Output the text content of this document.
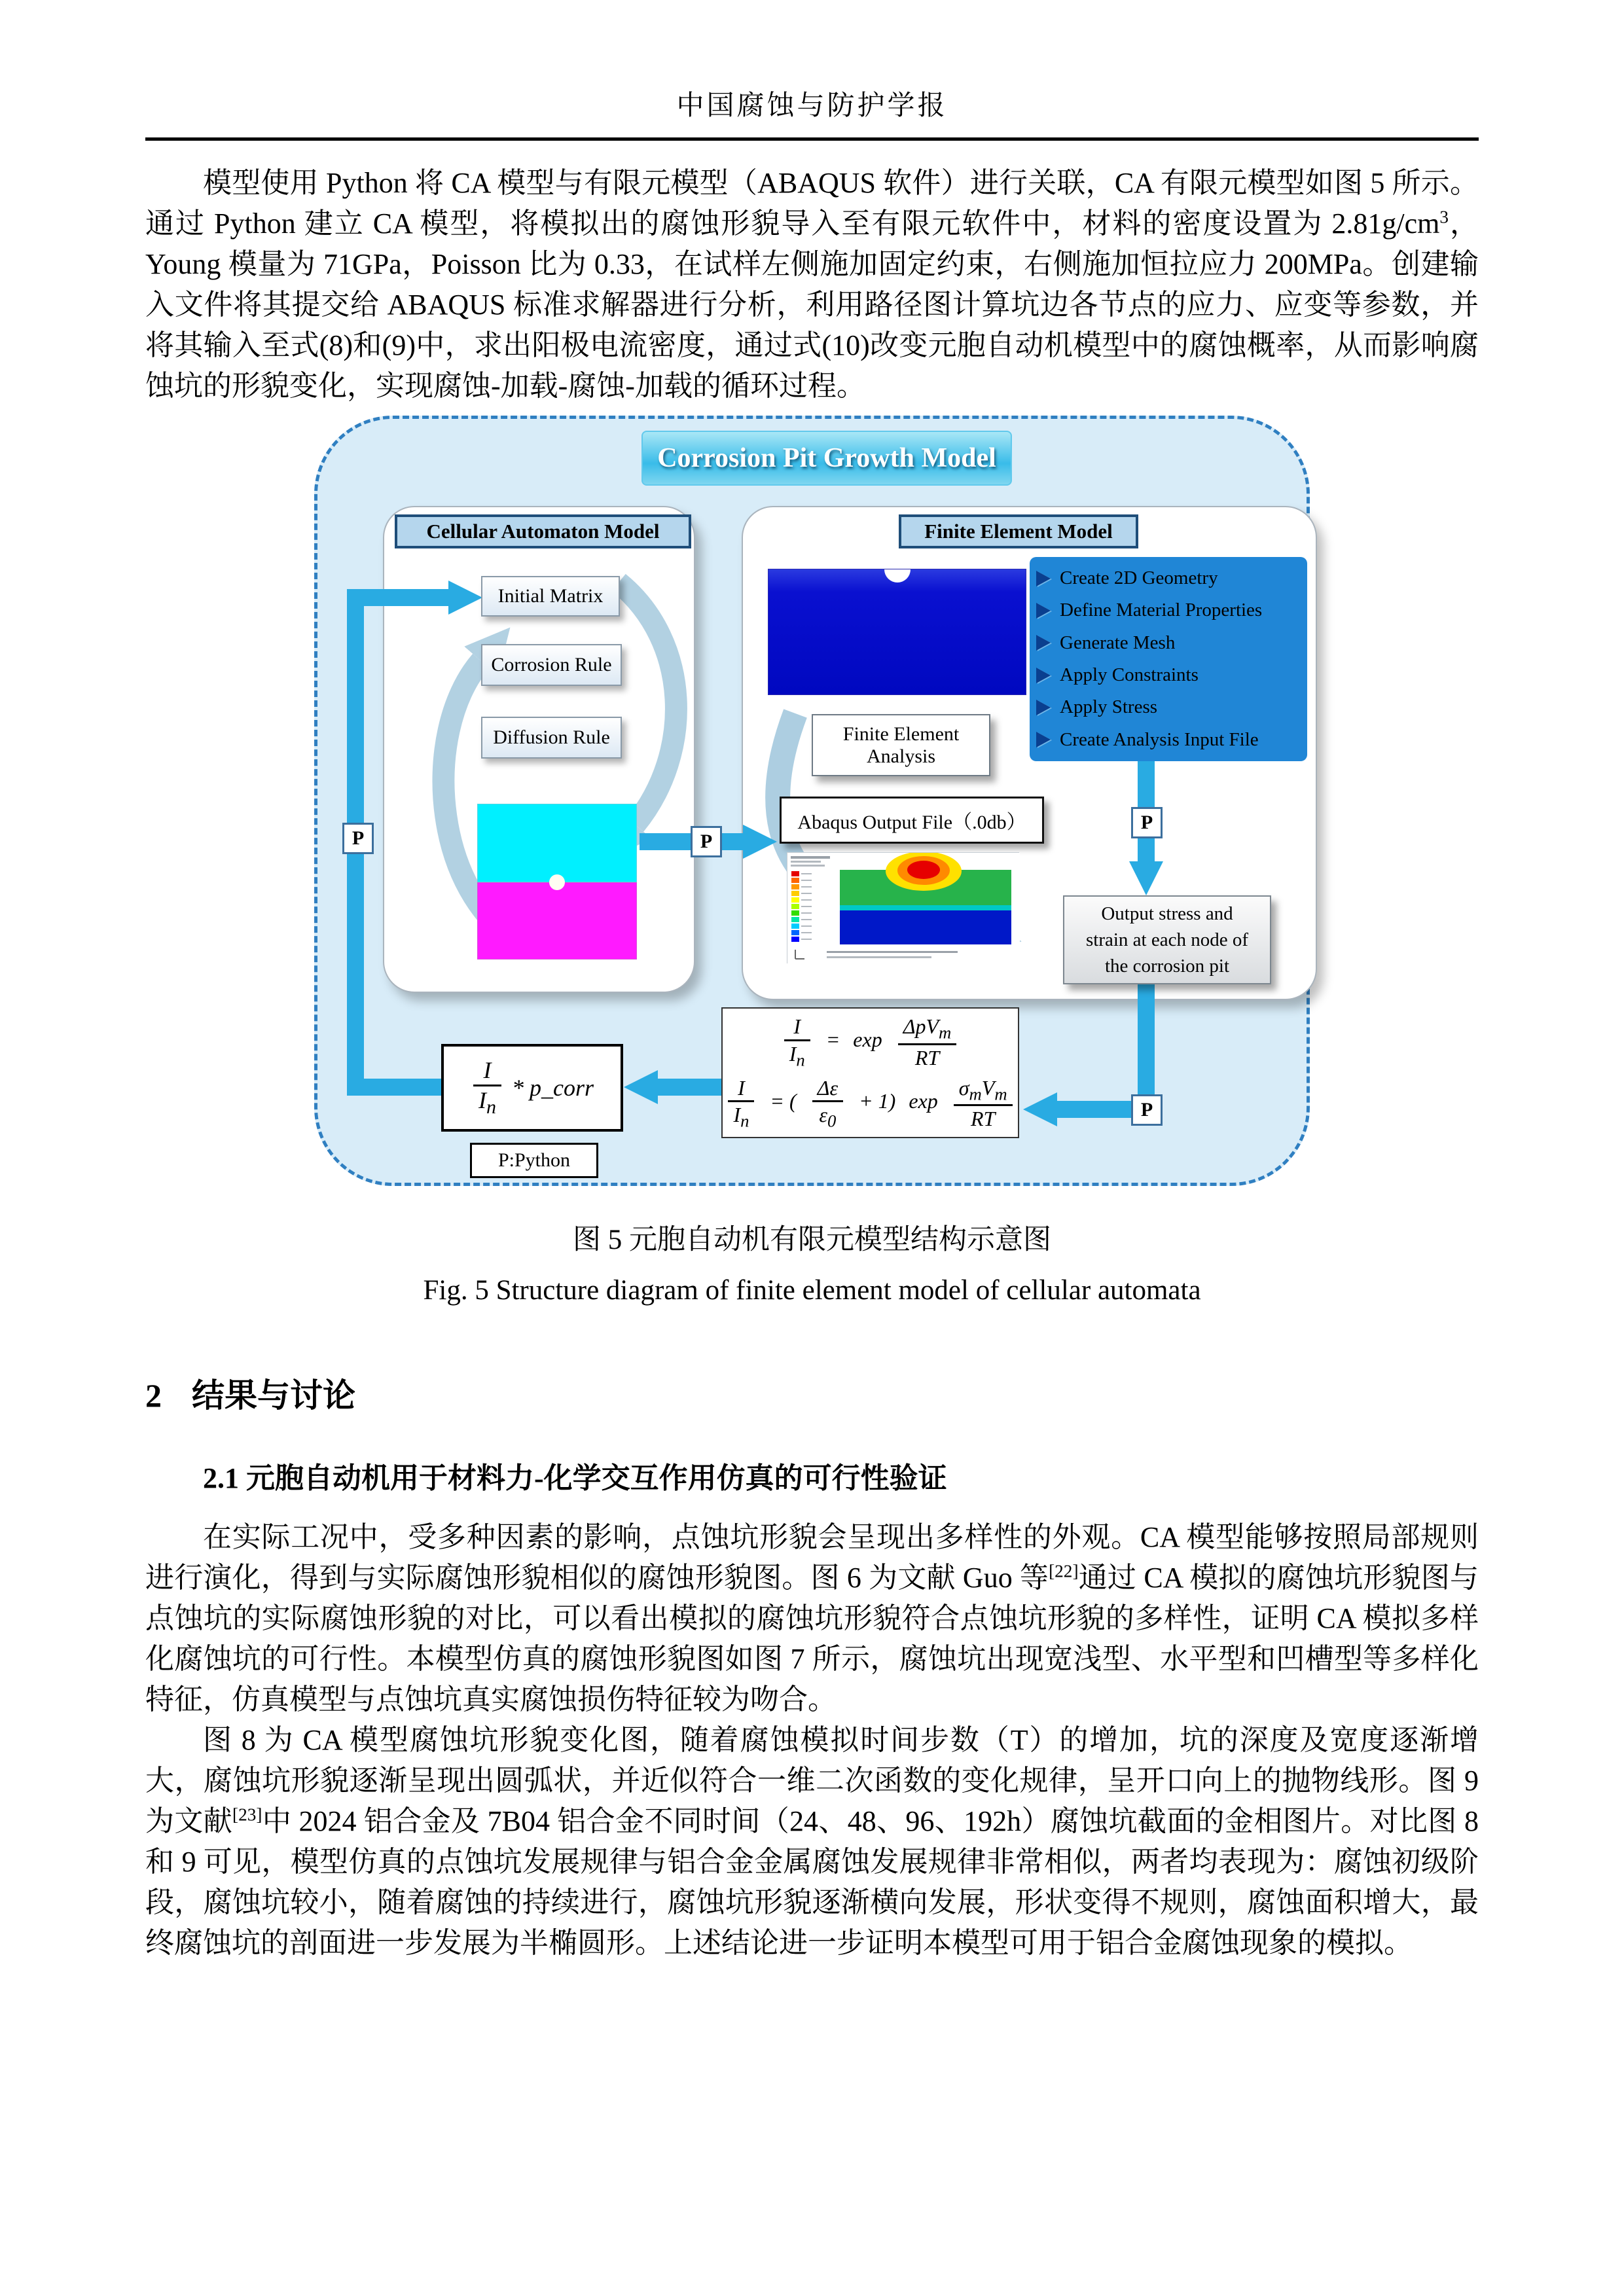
中国腐蚀与防护学报

模型使用 Python 将 CA 模型与有限元模型（ABAQUS 软件）进行关联，CA 有限元模型如图 5 所示。通过 Python 建立 CA 模型，将模拟出的腐蚀形貌导入至有限元软件中，材料的密度设置为 2.81g/cm$^3$，Young 模量为 71GPa，Poisson 比为 0.33，在试样左侧施加固定约束，右侧施加恒拉应力 200MPa。创建输入文件将其提交给 ABAQUS 标准求解器进行分析，利用路径图计算坑边各节点的应力、应变等参数，并将其输入至式(8)和(9)中，求出阳极电流密度，通过式(10)改变元胞自动机模型中的腐蚀概率，从而影响腐蚀坑的形貌变化，实现腐蚀-加载-腐蚀-加载的循环过程。

Corrosion Pit Growth Model
Cellular Automaton Model
Initial Matrix
Corrosion Rule
Diffusion Rule
Finite Element Model
Create 2D Geometry
Define Material Properties
Generate Mesh
Apply Constraints
Apply Stress
Create Analysis Input File
Finite Element
Analysis
Abaqus Output File（.0db）
Output stress and
strain at each node of
the corrosion pit
$\frac{I}{I_n} = \exp \frac{\Delta pV_m}{RT}$
$\frac{I}{I_n}$ = ( $\frac{\Delta\varepsilon}{\varepsilon_0} + 1$) $\exp \frac{\sigma_mV_m}{RT}$
$\frac{I}{I_n}$ * p_corr
P:Python
P	P
P
P
图 5 元胞自动机有限元模型结构示意图
Fig. 5 Structure diagram of finite element model of cellular automata
2 结果与讨论
2.1 元胞自动机用于材料力-化学交互作用仿真的可行性验证

在实际工况中，受多种因素的影响，点蚀坑形貌会呈现出多样性的外观。CA 模型能够按照局部规则进行演化，得到与实际腐蚀形貌相似的腐蚀形貌图。图 6 为文献 Guo 等[22]通过 CA 模拟的腐蚀坑形貌图与点蚀坑的实际腐蚀形貌的对比，可以看出模拟的腐蚀坑形貌符合点蚀坑形貌的多样性，证明 CA 模拟多样化腐蚀坑的可行性。本模型仿真的腐蚀形貌图如图 7 所示，腐蚀坑出现宽浅型、水平型和凹槽型等多样化特征，仿真模型与点蚀坑真实腐蚀损伤特征较为吻合。

图 8 为 CA 模型腐蚀坑形貌变化图，随着腐蚀模拟时间步数（T）的增加，坑的深度及宽度逐渐增大，腐蚀坑形貌逐渐呈现出圆弧状，并近似符合一维二次函数的变化规律，呈开口向上的抛物线形。图 9 为文献[23]中 2024 铝合金及 7B04 铝合金不同时间（24、48、96、192h）腐蚀坑截面的金相图片。对比图 8 和 9 可见，模型仿真的点蚀坑发展规律与铝合金金属腐蚀发展规律非常相似，两者均表现为：腐蚀初级阶段，腐蚀坑较小，随着腐蚀的持续进行，腐蚀坑形貌逐渐横向发展，形状变得不规则，腐蚀面积增大，最终腐蚀坑的剖面进一步发展为半椭圆形。上述结论进一步证明本模型可用于铝合金腐蚀现象的模拟。
